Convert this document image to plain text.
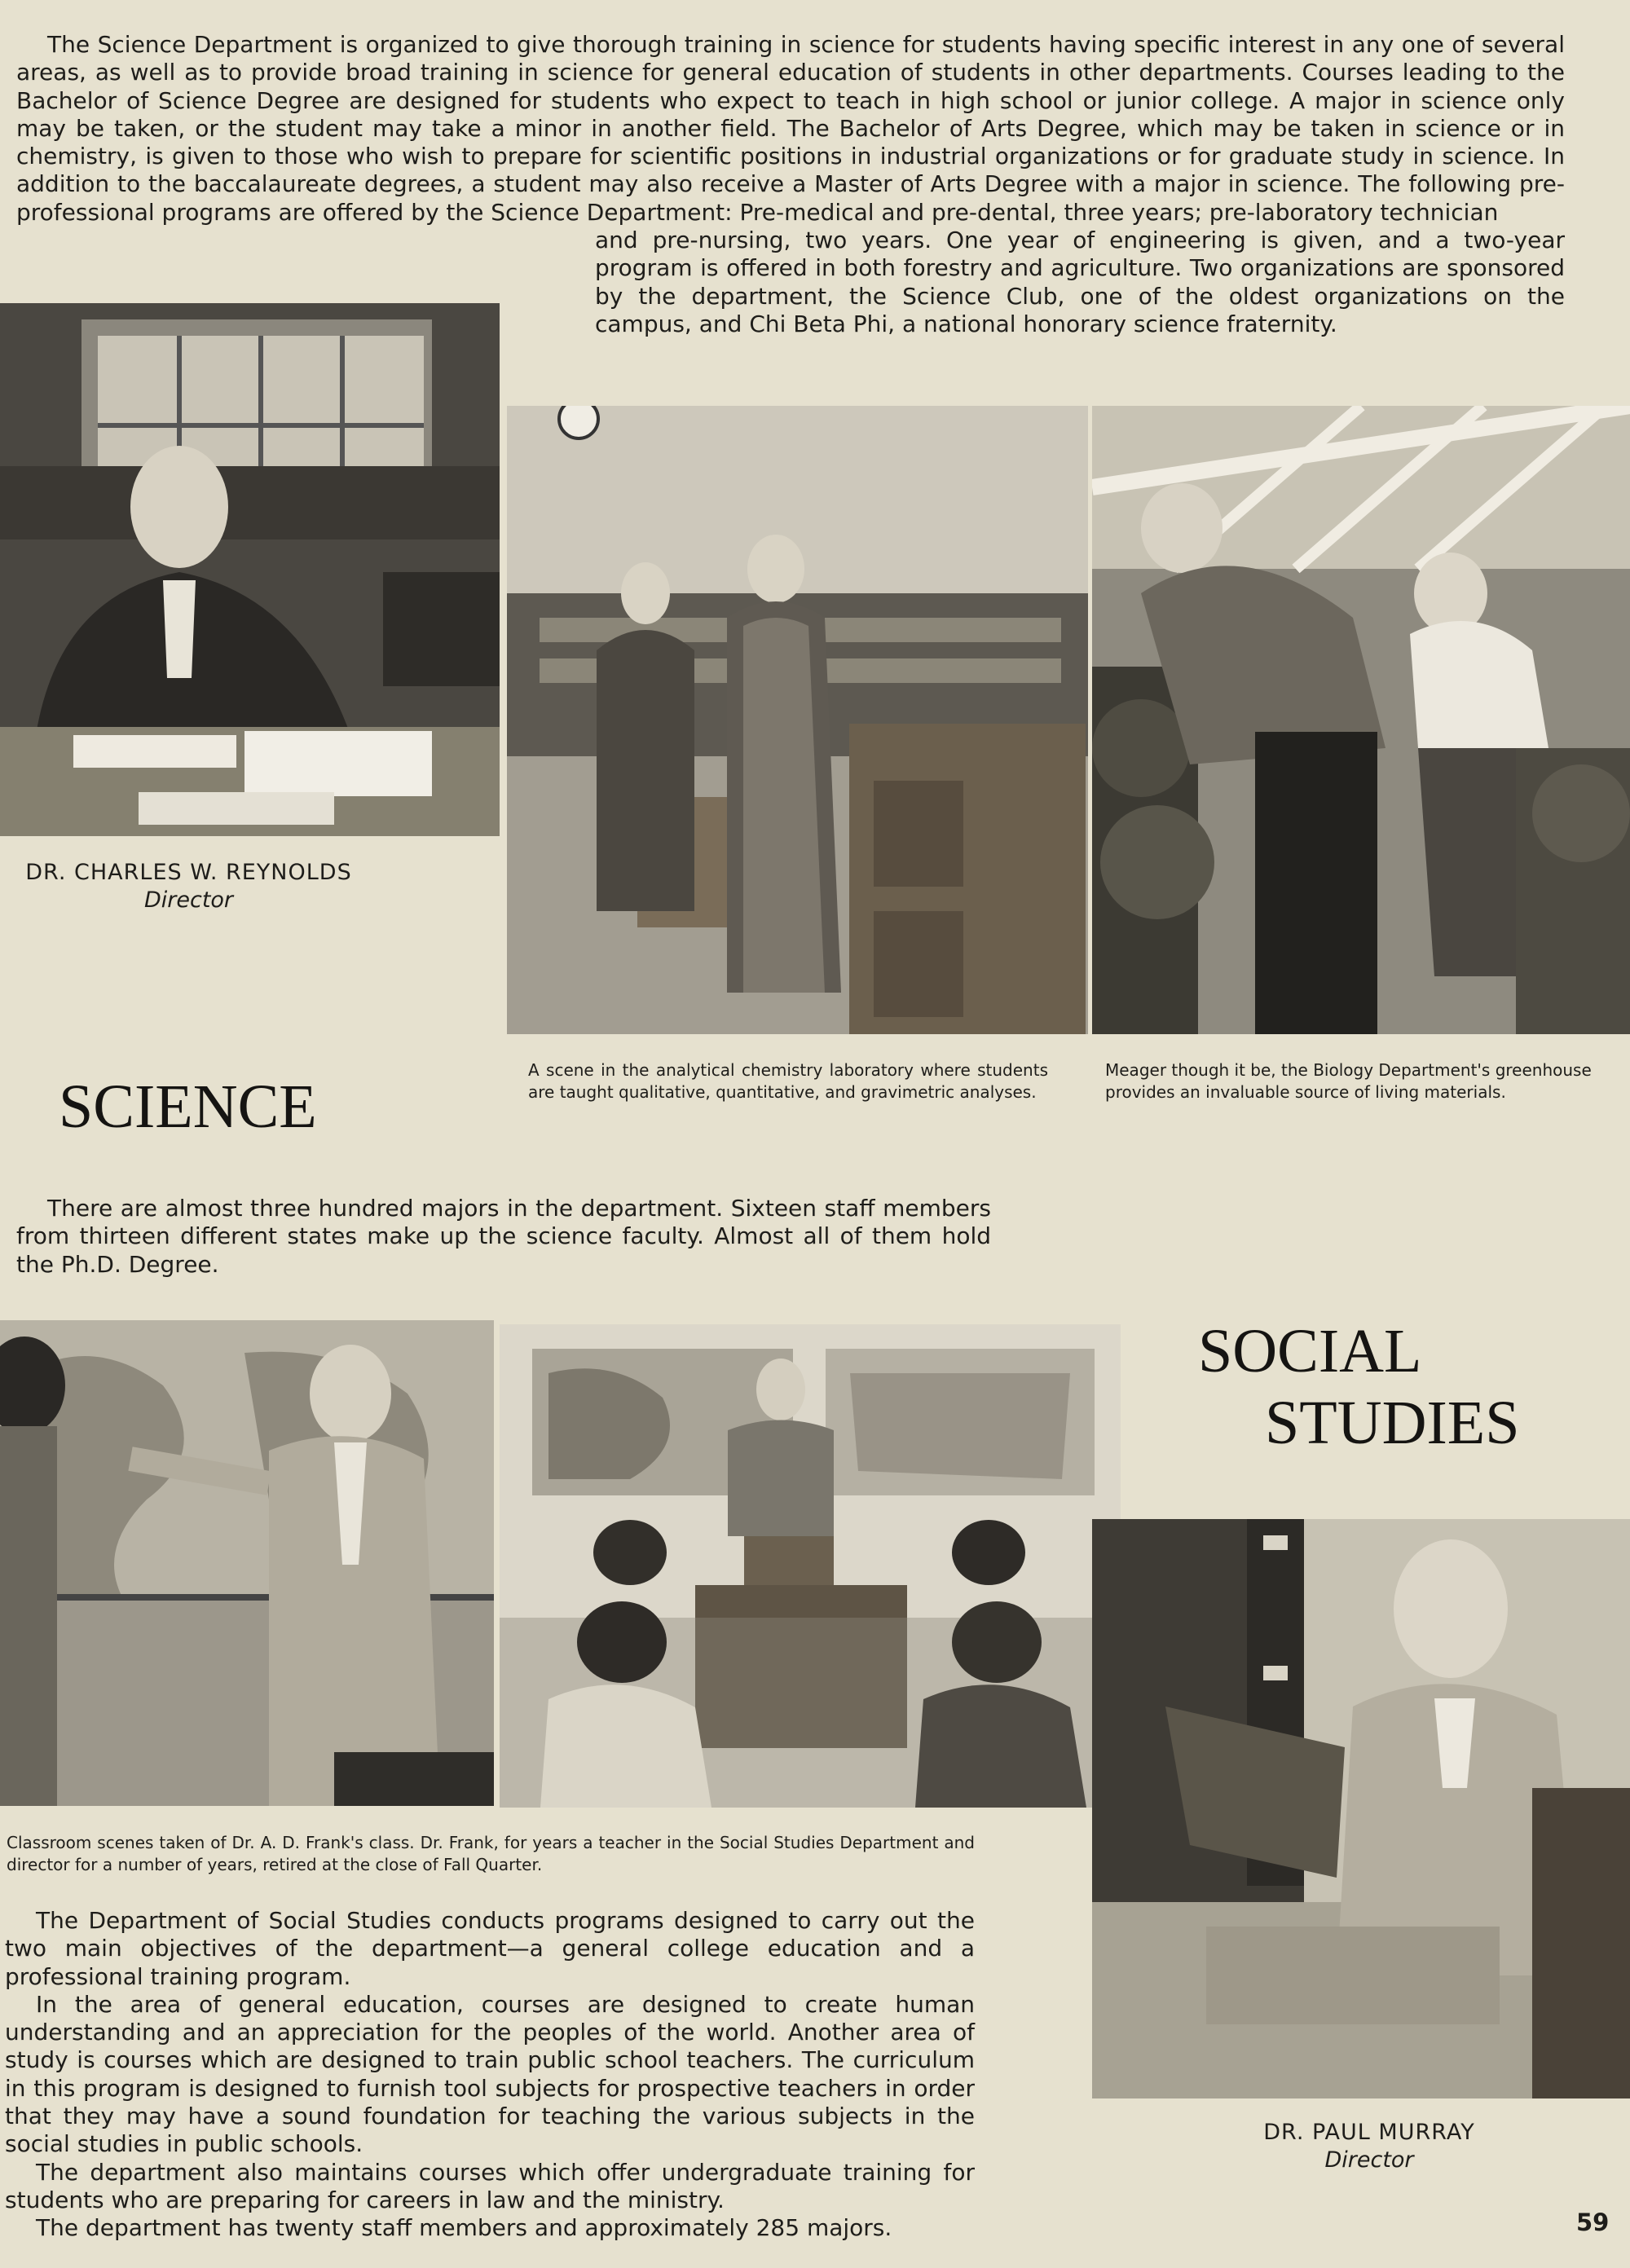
The Science Department is organized to give thorough training in science for students having specific interest in any one of several areas, as well as to provide broad training in science for general education of students in other departments. Courses leading to the Bachelor of Science Degree are designed for students who expect to teach in high school or junior college. A major in science only may be taken, or the student may take a minor in another field. The Bachelor of Arts Degree, which may be taken in science or in chemistry, is given to those who wish to prepare for scientific positions in industrial organizations or for graduate study in science. In addition to the baccalaureate degrees, a student may also receive a Master of Arts Degree with a major in science. The following pre-professional programs are offered by the Science Department: Pre-medical and pre-dental, three years; pre-laboratory technician

and pre-nursing, two years. One year of engineering is given, and a two-year program is offered in both forestry and agriculture. Two organizations are sponsored by the department, the Science Club, one of the oldest organizations on the campus, and Chi Beta Phi, a national honorary science fraternity.

DR. CHARLES W. REYNOLDS
Director
A scene in the analytical chemistry laboratory where students are taught qualitative, quantitative, and gravimetric analyses.
Meager though it be, the Biology Department's greenhouse provides an invaluable source of living materials.
SCIENCE

There are almost three hundred majors in the department. Sixteen staff members from thirteen different states make up the science faculty. Almost all of them hold the Ph.D. Degree.

Classroom scenes taken of Dr. A. D. Frank's class. Dr. Frank, for years a teacher in the Social Studies Department and director for a number of years, retired at the close of Fall Quarter.
SOCIAL
STUDIES
DR. PAUL MURRAY
Director

The Department of Social Studies conducts programs designed to carry out the two main objectives of the department—a general college education and a professional training program.

In the area of general education, courses are designed to create human understanding and an appreciation for the peoples of the world. Another area of study is courses which are designed to train public school teachers. The curriculum in this program is designed to furnish tool subjects for prospective teachers in order that they may have a sound foundation for teaching the various subjects in the social studies in public schools.

The department also maintains courses which offer undergraduate training for students who are preparing for careers in law and the ministry.

The department has twenty staff members and approximately 285 majors.	59
